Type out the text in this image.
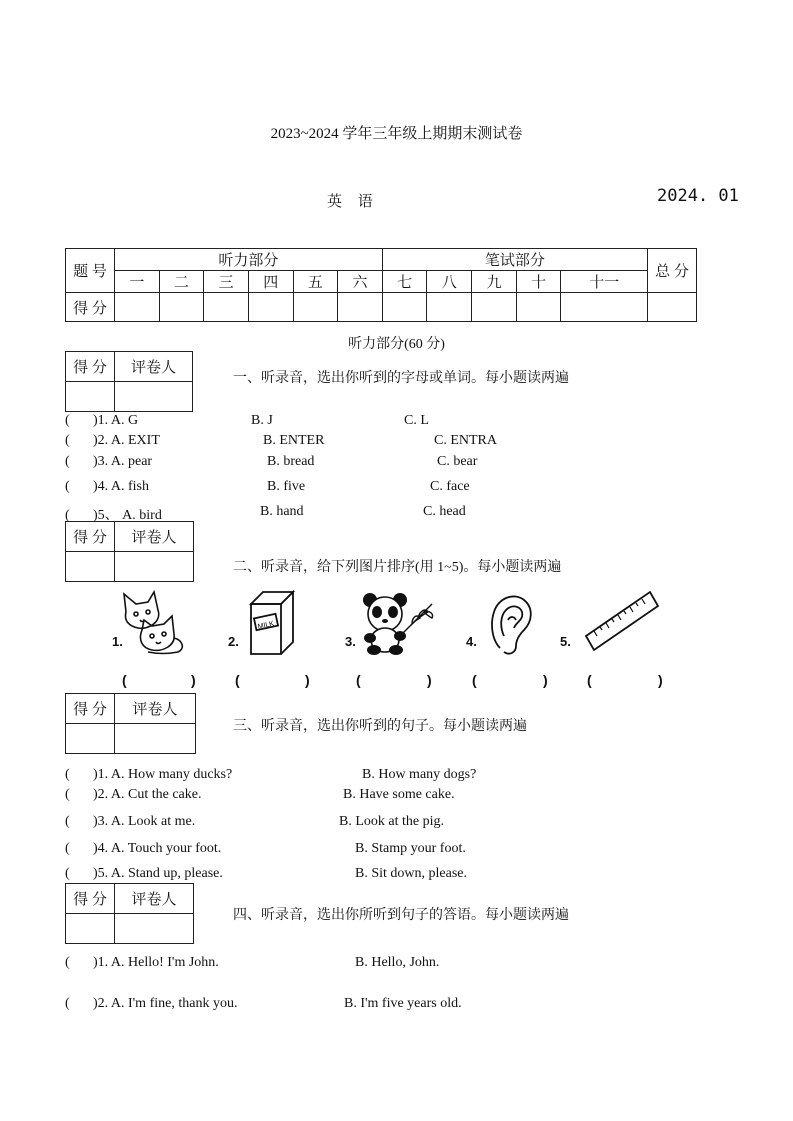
2023~2024 学年三年级上期期末测试卷
英 语	2024. 01
题 号	听力部分						笔试部分					总 分
	一	二	三	四	五	六	七	八	九	十	十一	
得 分												
听力部分(60 分)
得 分	评卷人

一、听录音，选出你听到的字母或单词。每小题读两遍
( )1. A. G	B. J	C. L
( )2. A. EXIT	B. ENTER	C. ENTRA
( )3. A. pear	B. bread	C. bear
( )4. A. fish	B. five	C. face
( )5、 A. bird	B. hand	C. head
得 分	评卷人

二、听录音，给下列图片排序(用 1~5)。每小题读两遍
1.	2.
MILK
3.	4.	5.
(	)	(	)	(	)	(	)	(	)
得 分	评卷人

三、听录音，选出你听到的句子。每小题读两遍
( )1. A. How many ducks?	B. How many dogs?
( )2. A. Cut the cake.	B. Have some cake.
( )3. A. Look at me.	B. Look at the pig.
( )4. A. Touch your foot.	B. Stamp your foot.
( )5. A. Stand up, please.	B. Sit down, please.
得 分	评卷人

四、听录音，选出你所听到句子的答语。每小题读两遍
( )1. A. Hello! I'm John.	B. Hello, John.
( )2. A. I'm fine, thank you.	B. I'm five years old.
